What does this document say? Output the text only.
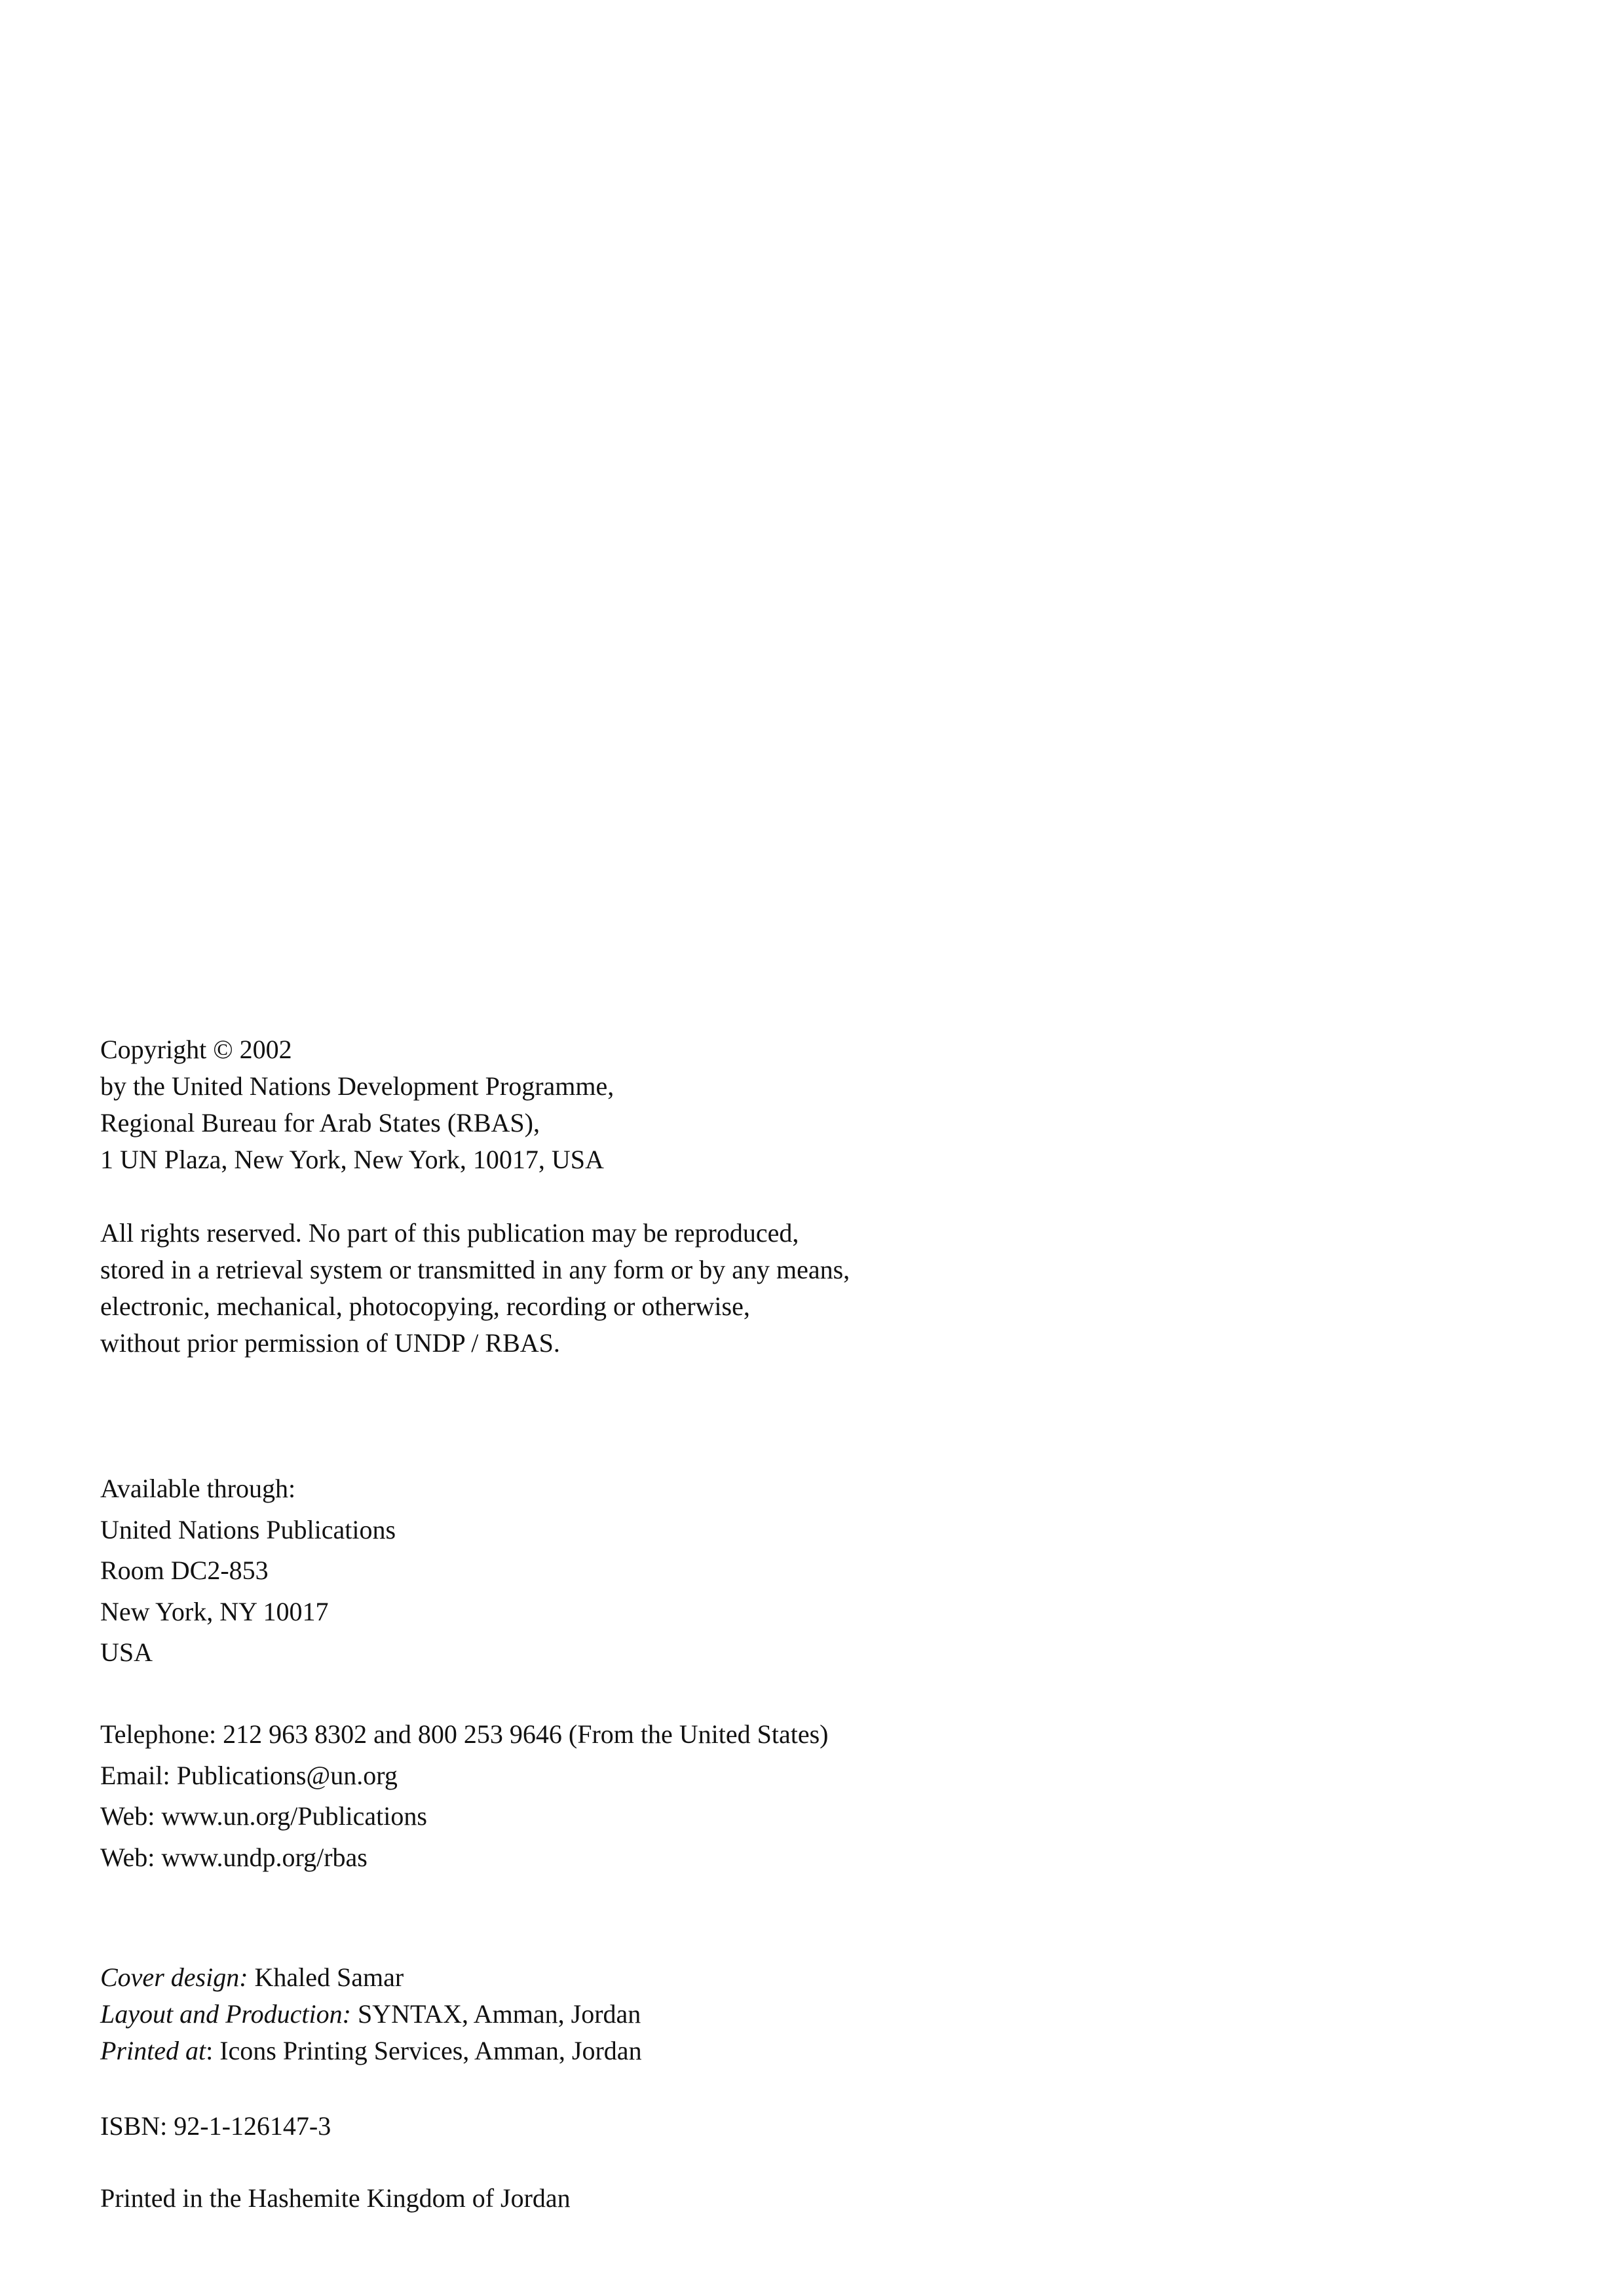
Copyright © 2002
by the United Nations Development Programme,
Regional Bureau for Arab States (RBAS),
1 UN Plaza, New York, New York, 10017, USA
All rights reserved. No part of this publication may be reproduced,
stored in a retrieval system or transmitted in any form or by any means,
electronic, mechanical, photocopying, recording or otherwise,
without prior permission of UNDP / RBAS.
Available through:
United Nations Publications
Room DC2-853
New York, NY 10017
USA
Telephone: 212 963 8302 and 800 253 9646 (From the United States)
Email: Publications@un.org
Web: www.un.org/Publications
Web: www.undp.org/rbas
Cover design: Khaled Samar
Layout and Production: SYNTAX, Amman, Jordan
Printed at: Icons Printing Services, Amman, Jordan
ISBN: 92-1-126147-3
Printed in the Hashemite Kingdom of Jordan
